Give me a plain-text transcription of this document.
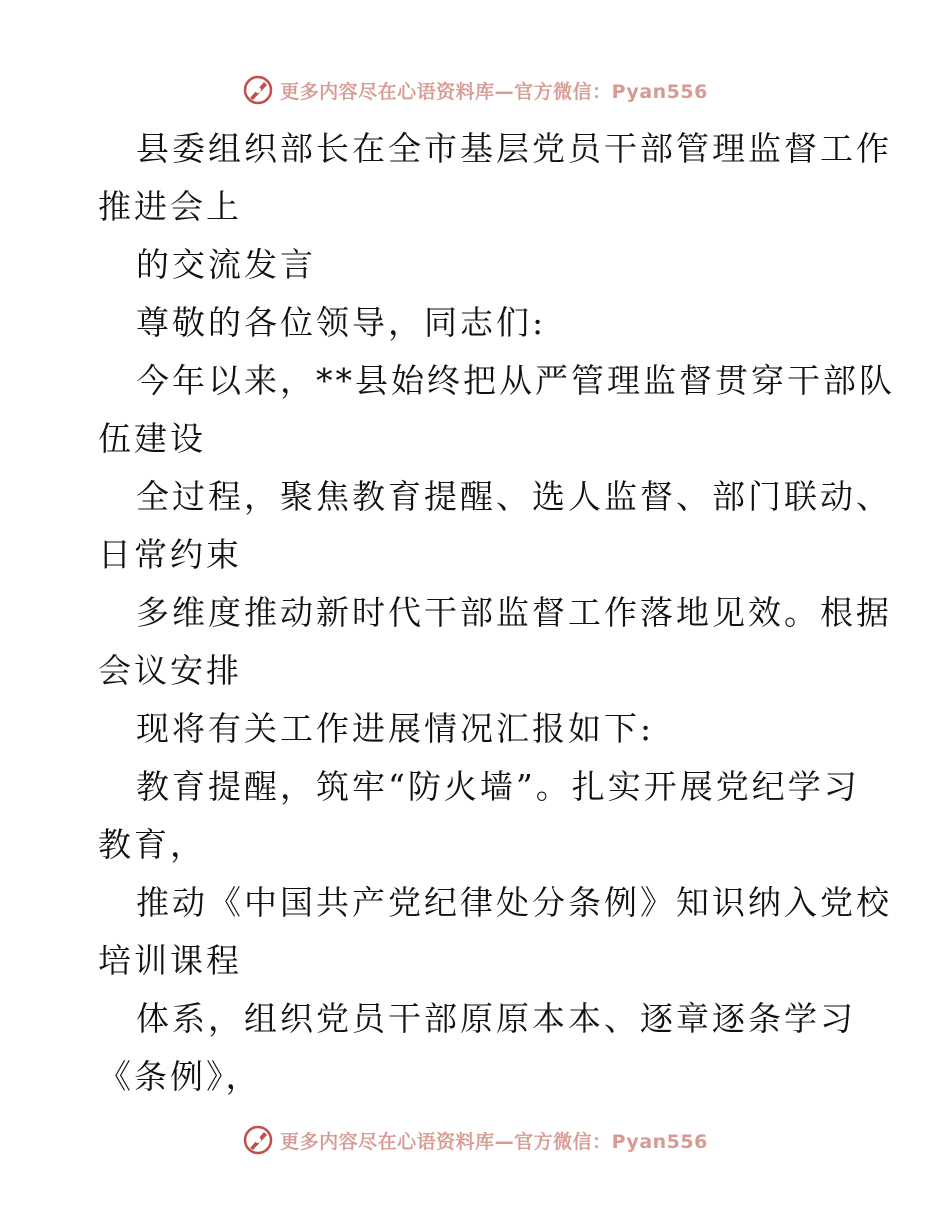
更多内容尽在心语资料库—官方微信：Pyan556

县委组织部长在全市基层党员干部管理监督工作

推进会上

的交流发言

尊敬的各位领导，同志们:

今年以来，**县始终把从严管理监督贯穿干部队

伍建设

全过程，聚焦教育提醒、选人监督、部门联动、

日常约束

多维度推动新时代干部监督工作落地见效。根据

会议安排

现将有关工作进展情况汇报如下:

教育提醒，筑牢“防火墙”。扎实开展党纪学习

教育，

推动《中国共产党纪律处分条例》知识纳入党校

培训课程

体系，组织党员干部原原本本、逐章逐条学习

《条例》，

更多内容尽在心语资料库—官方微信：Pyan556
